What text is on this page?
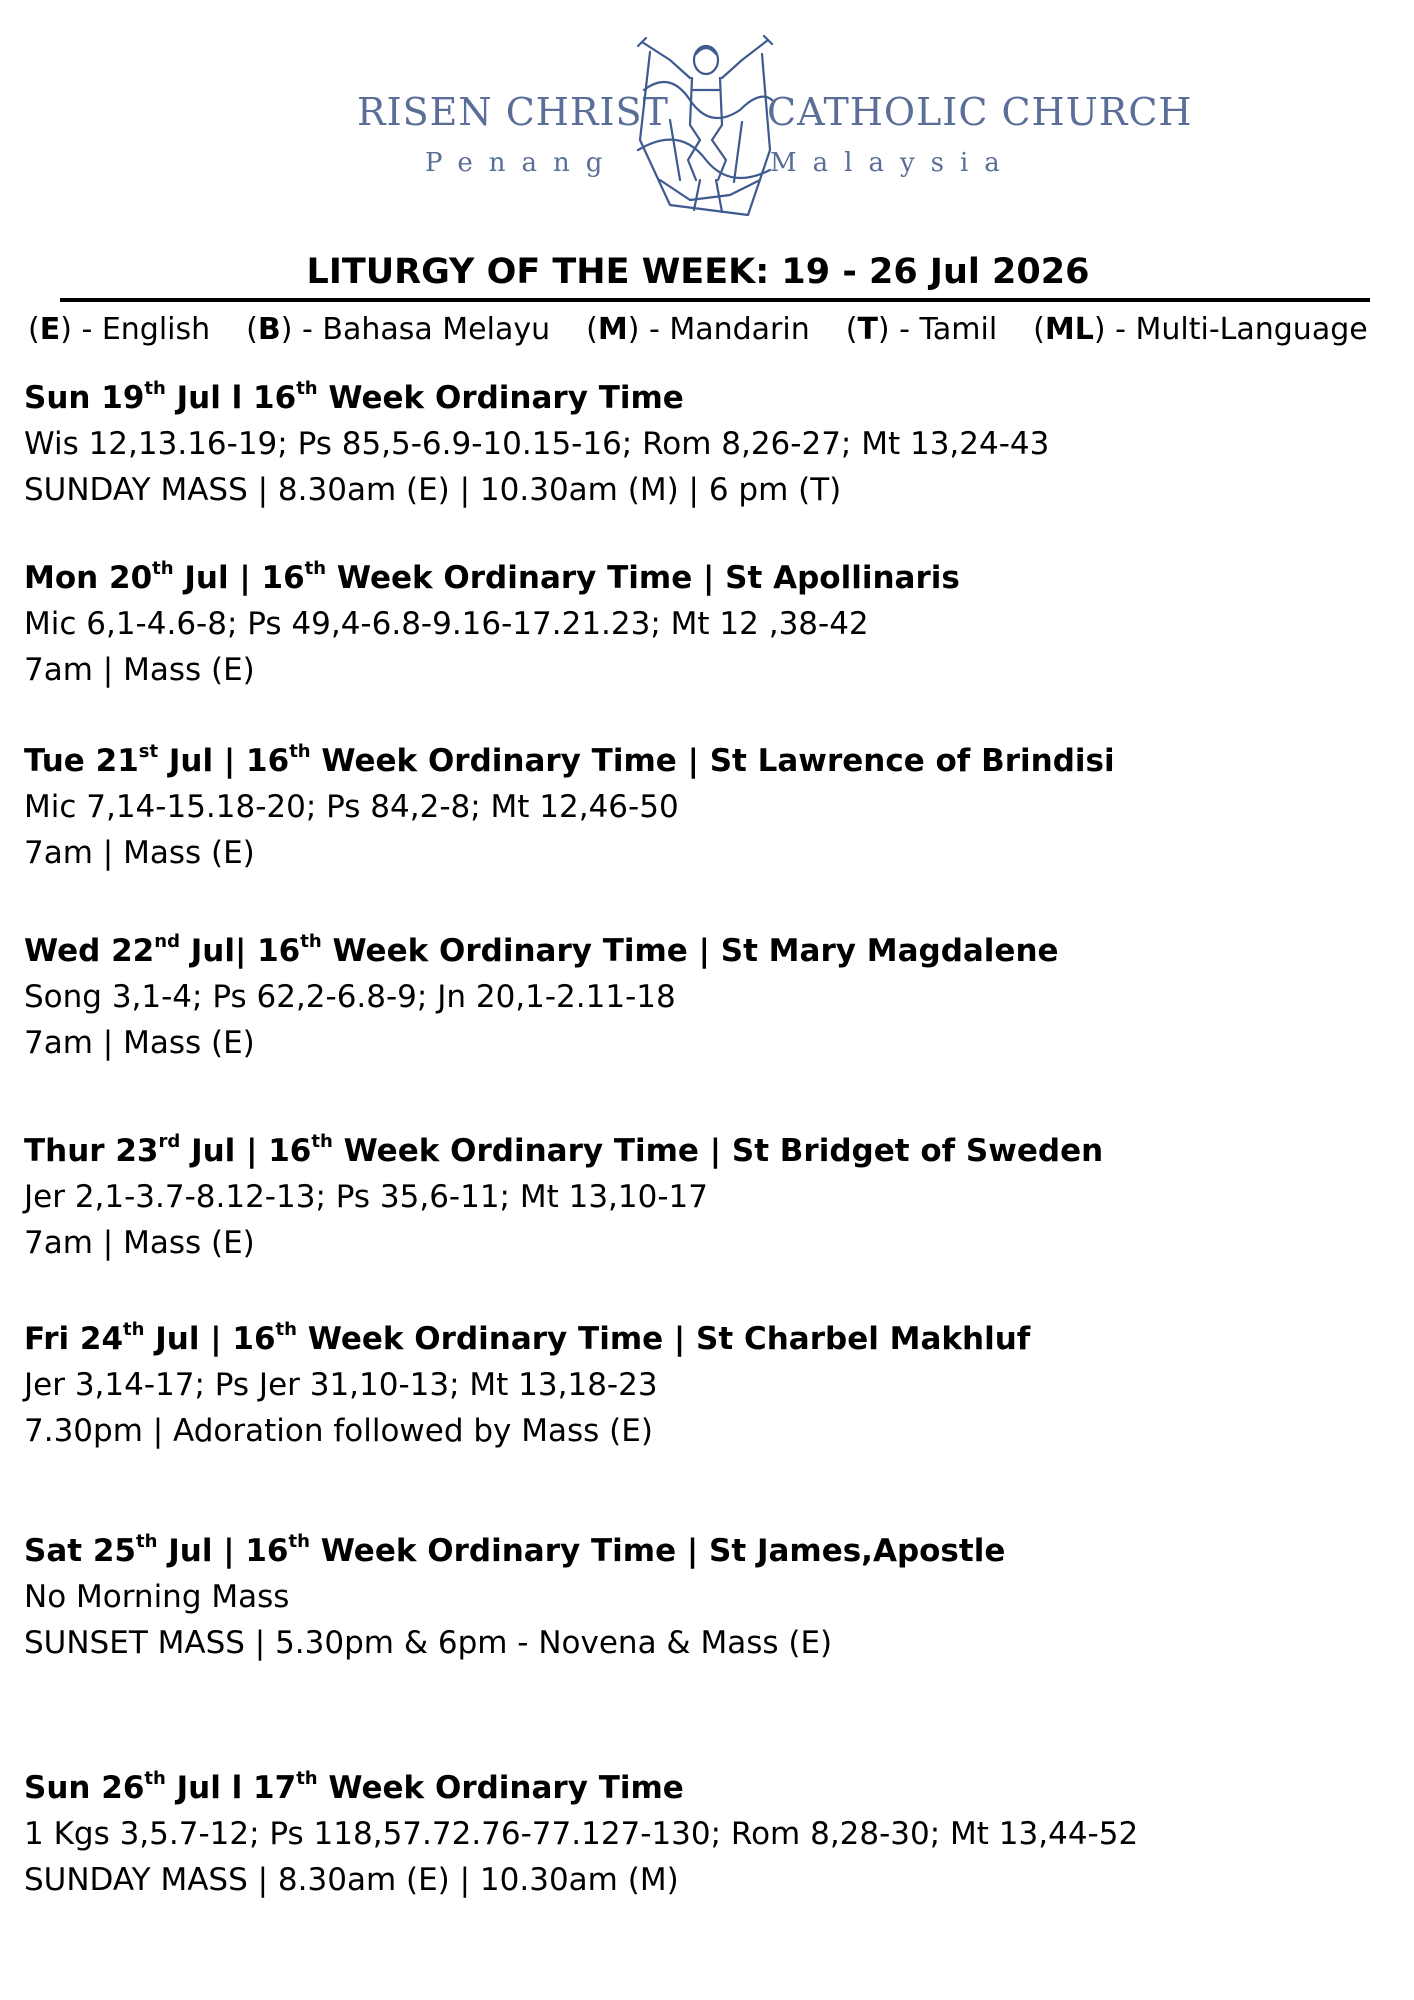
RISEN CHRIST	CATHOLIC CHURCH
Penang	Malaysia
LITURGY OF THE WEEK: 19 - 26 Jul 2026
(E) - English (B) - Bahasa Melayu (M) - Mandarin (T) - Tamil (ML) - Multi-Language
Sun 19th Jul l 16th Week Ordinary Time
Wis 12,13.16-19; Ps 85,5-6.9-10.15-16; Rom 8,26-27; Mt 13,24-43
SUNDAY MASS | 8.30am (E) | 10.30am (M) | 6 pm (T)
Mon 20th Jul | 16th Week Ordinary Time | St Apollinaris
Mic 6,1-4.6-8; Ps 49,4-6.8-9.16-17.21.23; Mt 12 ,38-42
7am | Mass (E)
Tue 21st Jul | 16th Week Ordinary Time | St Lawrence of Brindisi
Mic 7,14-15.18-20; Ps 84,2-8; Mt 12,46-50
7am | Mass (E)
Wed 22nd Jul| 16th Week Ordinary Time | St Mary Magdalene
Song 3,1-4; Ps 62,2-6.8-9; Jn 20,1-2.11-18
7am | Mass (E)
Thur 23rd Jul | 16th Week Ordinary Time | St Bridget of Sweden
Jer 2,1-3.7-8.12-13; Ps 35,6-11; Mt 13,10-17
7am | Mass (E)
Fri 24th Jul | 16th Week Ordinary Time | St Charbel Makhluf
Jer 3,14-17; Ps Jer 31,10-13; Mt 13,18-23
7.30pm | Adoration followed by Mass (E)
Sat 25th Jul | 16th Week Ordinary Time | St James,Apostle
No Morning Mass
SUNSET MASS | 5.30pm & 6pm - Novena & Mass (E)
Sun 26th Jul l 17th Week Ordinary Time
1 Kgs 3,5.7-12; Ps 118,57.72.76-77.127-130; Rom 8,28-30; Mt 13,44-52
SUNDAY MASS | 8.30am (E) | 10.30am (M)
